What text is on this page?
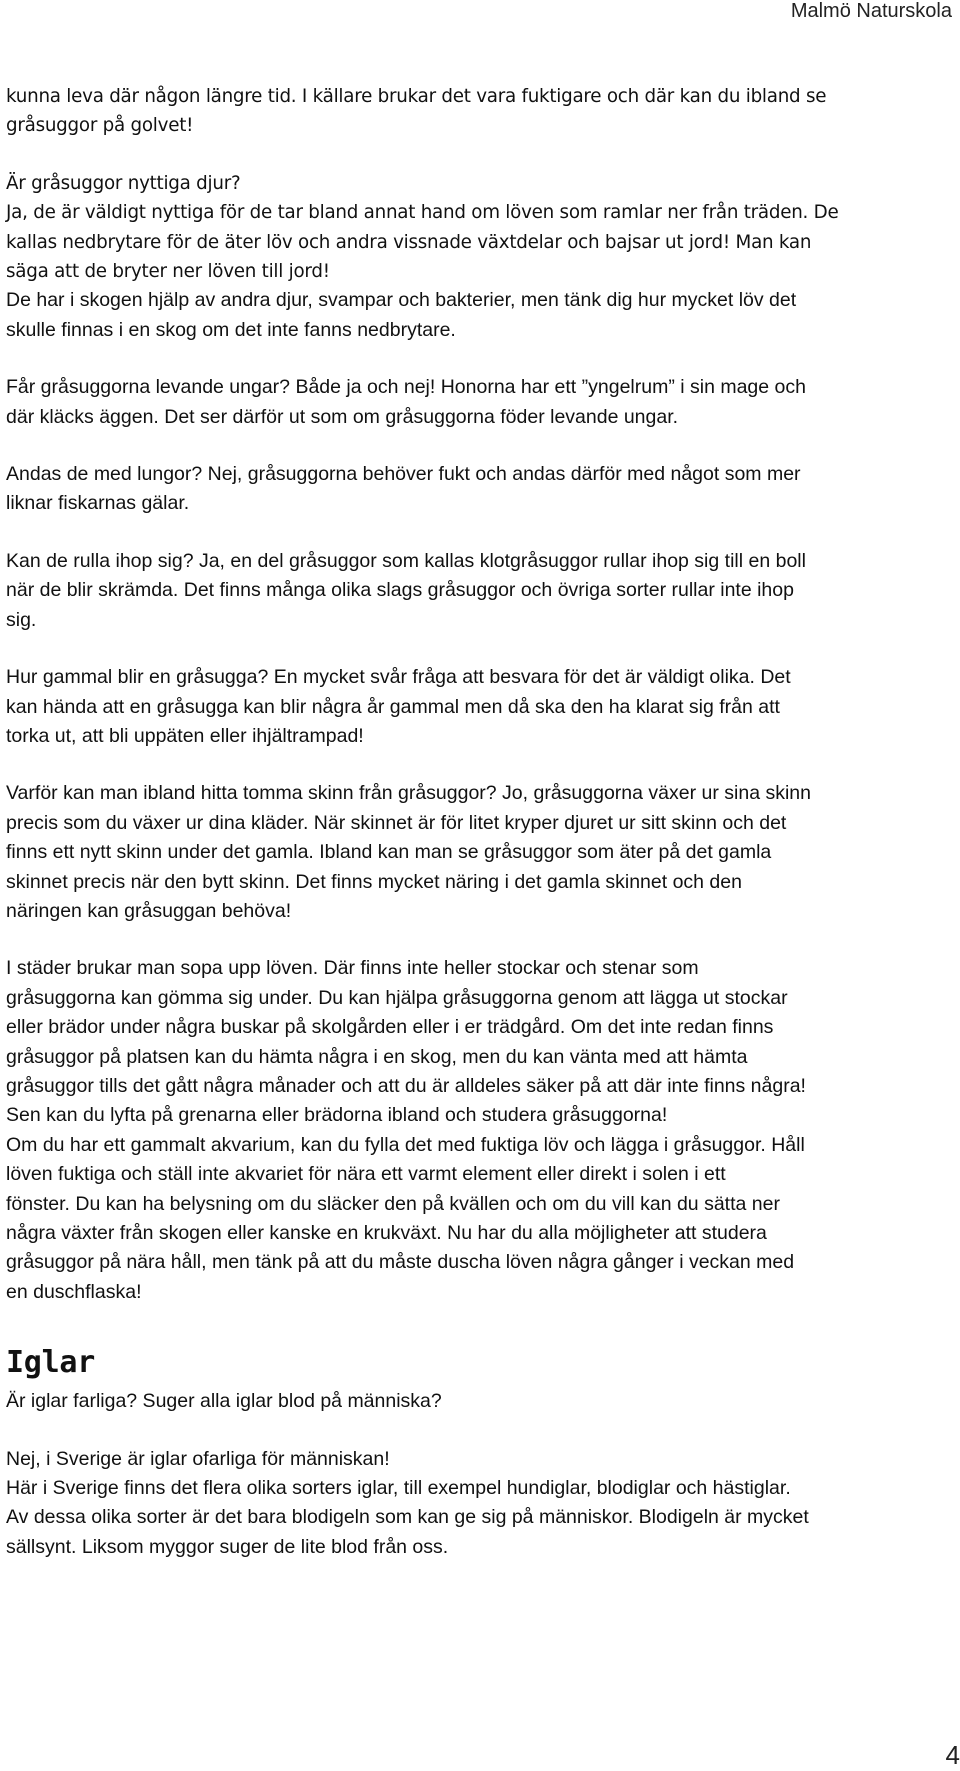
Malmö Naturskola

kunna leva där någon längre tid. I källare brukar det vara fuktigare och där kan du ibland se

gråsuggor på golvet!

Är gråsuggor nyttiga djur?

Ja, de är väldigt nyttiga för de tar bland annat hand om löven som ramlar ner från träden. De

kallas nedbrytare för de äter löv och andra vissnade växtdelar och bajsar ut jord! Man kan

säga att de bryter ner löven till jord!

De har i skogen hjälp av andra djur, svampar och bakterier, men tänk dig hur mycket löv det

skulle finnas i en skog om det inte fanns nedbrytare.

Får gråsuggorna levande ungar? Både ja och nej! Honorna har ett ”yngelrum” i sin mage och

där kläcks äggen. Det ser därför ut som om gråsuggorna föder levande ungar.

Andas de med lungor? Nej, gråsuggorna behöver fukt och andas därför med något som mer

liknar fiskarnas gälar.

Kan de rulla ihop sig? Ja, en del gråsuggor som kallas klotgråsuggor rullar ihop sig till en boll

när de blir skrämda. Det finns många olika slags gråsuggor och övriga sorter rullar inte ihop

sig.

Hur gammal blir en gråsugga? En mycket svår fråga att besvara för det är väldigt olika. Det

kan hända att en gråsugga kan blir några år gammal men då ska den ha klarat sig från att

torka ut, att bli uppäten eller ihjältrampad!

Varför kan man ibland hitta tomma skinn från gråsuggor? Jo, gråsuggorna växer ur sina skinn

precis som du växer ur dina kläder. När skinnet är för litet kryper djuret ur sitt skinn och det

finns ett nytt skinn under det gamla. Ibland kan man se gråsuggor som äter på det gamla

skinnet precis när den bytt skinn. Det finns mycket näring i det gamla skinnet och den

näringen kan gråsuggan behöva!

I städer brukar man sopa upp löven. Där finns inte heller stockar och stenar som

gråsuggorna kan gömma sig under. Du kan hjälpa gråsuggorna genom att lägga ut stockar

eller brädor under några buskar på skolgården eller i er trädgård. Om det inte redan finns

gråsuggor på platsen kan du hämta några i en skog, men du kan vänta med att hämta

gråsuggor tills det gått några månader och att du är alldeles säker på att där inte finns några!

Sen kan du lyfta på grenarna eller brädorna ibland och studera gråsuggorna!

Om du har ett gammalt akvarium, kan du fylla det med fuktiga löv och lägga i gråsuggor. Håll

löven fuktiga och ställ inte akvariet för nära ett varmt element eller direkt i solen i ett

fönster. Du kan ha belysning om du släcker den på kvällen och om du vill kan du sätta ner

några växter från skogen eller kanske en krukväxt. Nu har du alla möjligheter att studera

gråsuggor på nära håll, men tänk på att du måste duscha löven några gånger i veckan med

en duschflaska!

Iglar

Är iglar farliga? Suger alla iglar blod på människa?

Nej, i Sverige är iglar ofarliga för människan!

Här i Sverige finns det flera olika sorters iglar, till exempel hundiglar, blodiglar och hästiglar.

Av dessa olika sorter är det bara blodigeln som kan ge sig på människor. Blodigeln är mycket

sällsynt. Liksom myggor suger de lite blod från oss.

4
